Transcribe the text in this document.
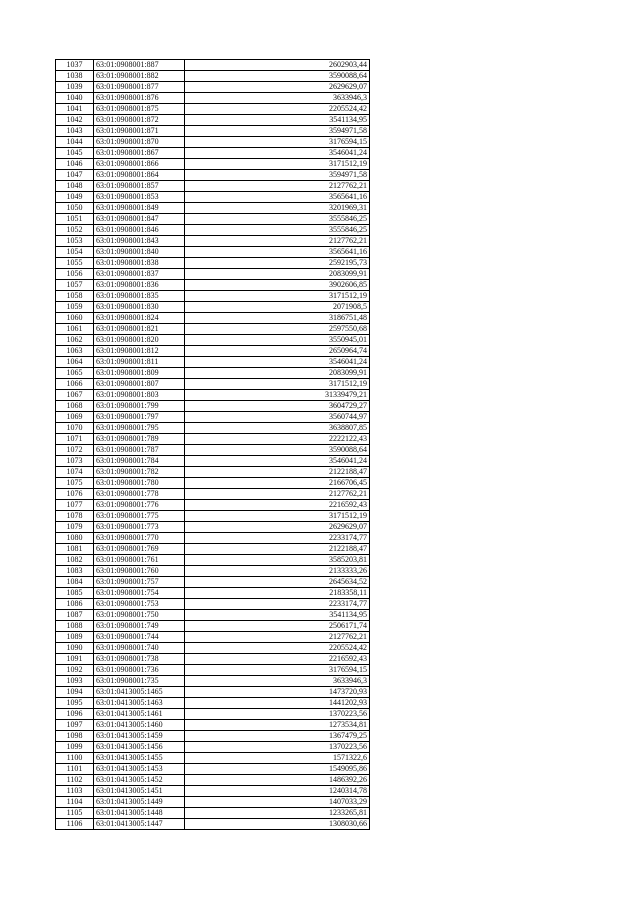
1037	63:01:0908001:887	2602903,44
1038	63:01:0908001:882	3590088,64
1039	63:01:0908001:877	2629629,07
1040	63:01:0908001:876	3633946,3
1041	63:01:0908001:875	2205524,42
1042	63:01:0908001:872	3541134,95
1043	63:01:0908001:871	3594971,58
1044	63:01:0908001:870	3176594,15
1045	63:01:0908001:867	3546041,24
1046	63:01:0908001:866	3171512,19
1047	63:01:0908001:864	3594971,58
1048	63:01:0908001:857	2127762,21
1049	63:01:0908001:853	3565641,16
1050	63:01:0908001:849	3201969,31
1051	63:01:0908001:847	3555846,25
1052	63:01:0908001:846	3555846,25
1053	63:01:0908001:843	2127762,21
1054	63:01:0908001:840	3565641,16
1055	63:01:0908001:838	2592195,73
1056	63:01:0908001:837	2083099,91
1057	63:01:0908001:836	3902606,85
1058	63:01:0908001:835	3171512,19
1059	63:01:0908001:830	2071908,5
1060	63:01:0908001:824	3186751,48
1061	63:01:0908001:821	2597550,68
1062	63:01:0908001:820	3550945,01
1063	63:01:0908001:812	2650964,74
1064	63:01:0908001:811	3546041,24
1065	63:01:0908001:809	2083099,91
1066	63:01:0908001:807	3171512,19
1067	63:01:0908001:803	31339479,21
1068	63:01:0908001:799	3604729,27
1069	63:01:0908001:797	3560744,97
1070	63:01:0908001:795	3638807,85
1071	63:01:0908001:789	2222122,43
1072	63:01:0908001:787	3590088,64
1073	63:01:0908001:784	3546041,24
1074	63:01:0908001:782	2122188,47
1075	63:01:0908001:780	2166706,45
1076	63:01:0908001:778	2127762,21
1077	63:01:0908001:776	2216592,43
1078	63:01:0908001:775	3171512,19
1079	63:01:0908001:773	2629629,07
1080	63:01:0908001:770	2233174,77
1081	63:01:0908001:769	2122188,47
1082	63:01:0908001:761	3585203,81
1083	63:01:0908001:760	2133333,26
1084	63:01:0908001:757	2645634,52
1085	63:01:0908001:754	2183358,11
1086	63:01:0908001:753	2233174,77
1087	63:01:0908001:750	3541134,95
1088	63:01:0908001:749	2506171,74
1089	63:01:0908001:744	2127762,21
1090	63:01:0908001:740	2205524,42
1091	63:01:0908001:738	2216592,43
1092	63:01:0908001:736	3176594,15
1093	63:01:0908001:735	3633946,3
1094	63:01:0413005:1465	1473720,93
1095	63:01:0413005:1463	1441202,93
1096	63:01:0413005:1461	1370223,56
1097	63:01:0413005:1460	1273534,81
1098	63:01:0413005:1459	1367479,25
1099	63:01:0413005:1456	1370223,56
1100	63:01:0413005:1455	1571322,6
1101	63:01:0413005:1453	1549095,86
1102	63:01:0413005:1452	1486392,26
1103	63:01:0413005:1451	1240314,78
1104	63:01:0413005:1449	1407033,29
1105	63:01:0413005:1448	1233265,81
1106	63:01:0413005:1447	1308030,66
